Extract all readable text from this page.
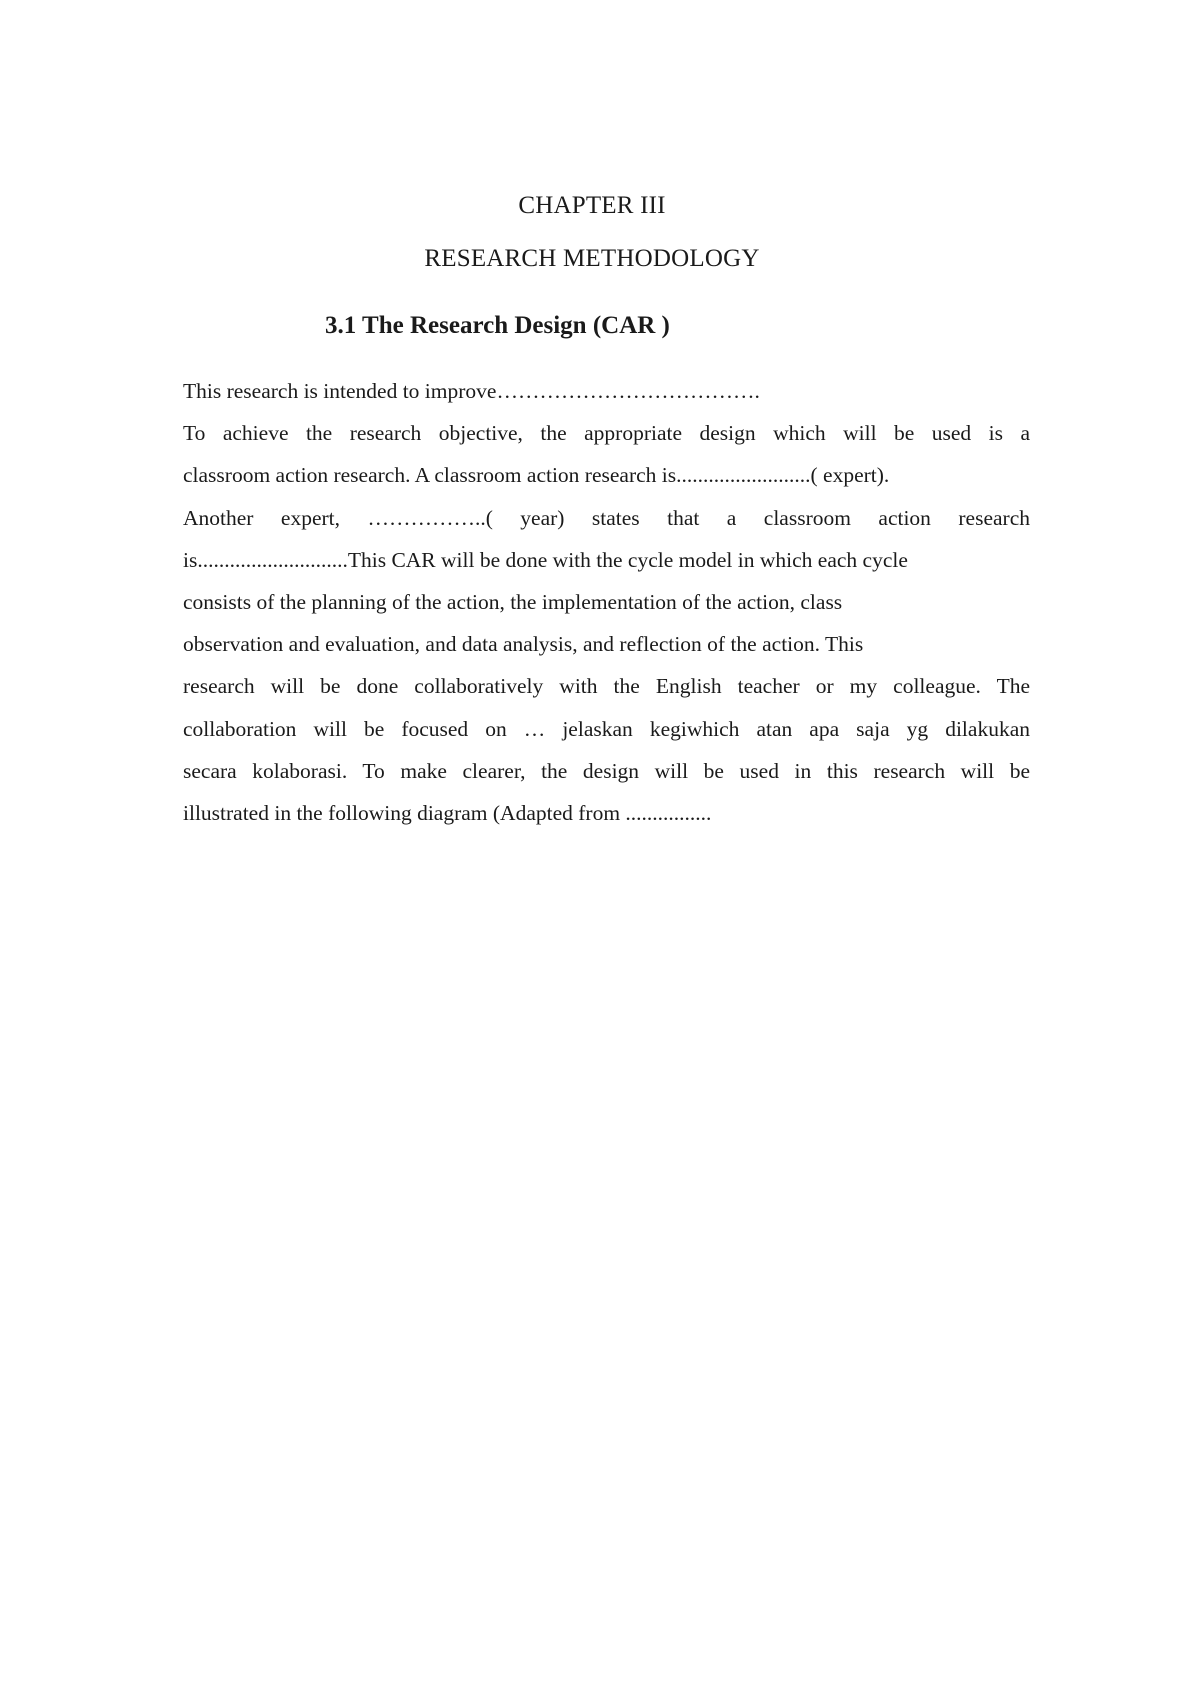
CHAPTER III
RESEARCH METHODOLOGY
3.1 The Research Design (CAR )
This research is intended to improve……………………………….
To achieve the research objective, the appropriate design which will be used is a
classroom action research. A classroom action research is.........................( expert).
Another expert, ……………..( year) states that a classroom action research
is............................This CAR will be done with the cycle model in which each cycle
consists of the planning of the action, the implementation of the action, class
observation and evaluation, and data analysis, and reflection of the action. This
research will be done collaboratively with the English teacher or my colleague. The
collaboration will be focused on … jelaskan kegiwhich atan apa saja yg dilakukan
secara kolaborasi. To make clearer, the design will be used in this research will be
illustrated in the following diagram (Adapted from ................
